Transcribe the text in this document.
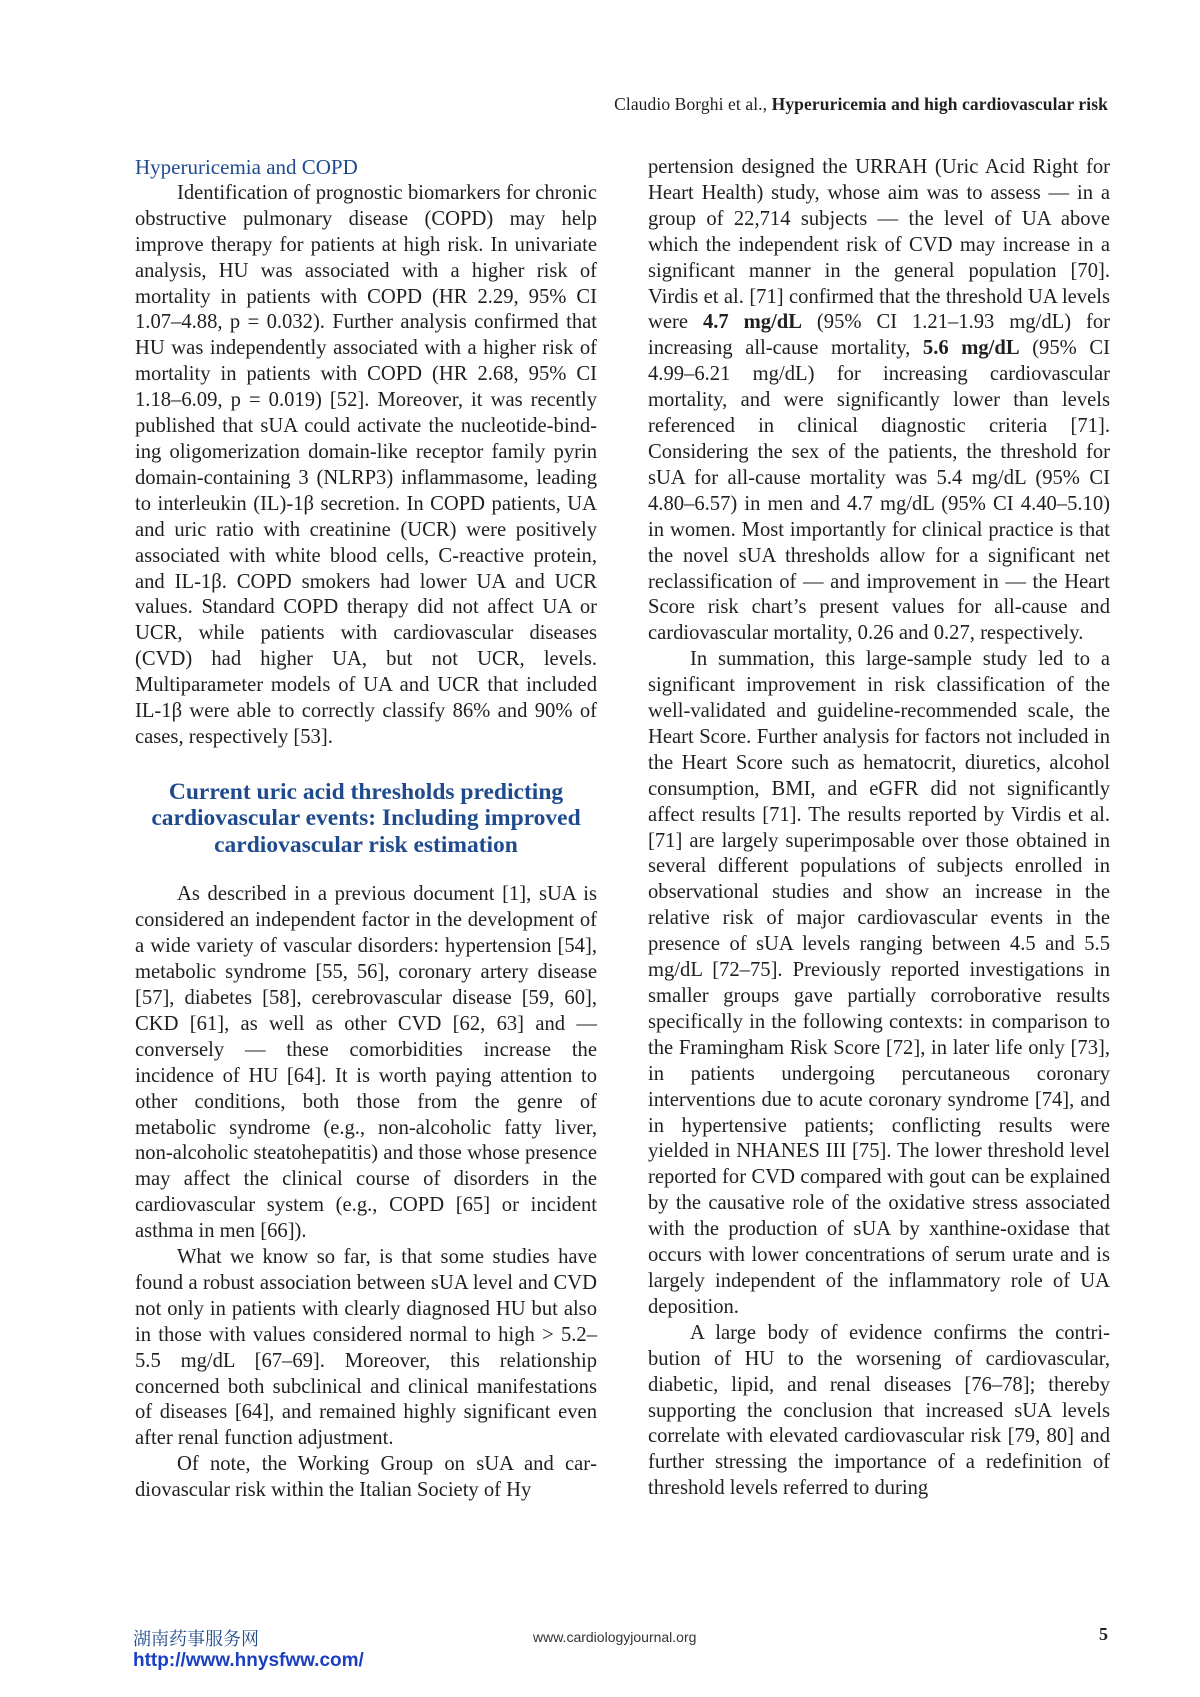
Claudio Borghi et al., Hyperuricemia and high cardiovascular risk
Hyperuricemia and COPD

Identification of prognostic biomarkers for chronic obstructive pulmonary disease (COPD) may help improve therapy for patients at high risk. In univariate analysis, HU was associated with a higher risk of mortality in patients with COPD (HR 2.29, 95% CI 1.07–4.88, p = 0.032). Further analysis confirmed that HU was independently associated with a higher risk of mortality in patients with COPD (HR 2.68, 95% CI 1.18–6.09, p = 0.019) [52]. Moreover, it was recently published that sUA could activate the nucleotide-binding oligomerization domain-like receptor family pyrin domain-containing 3 (NLRP3) inflammasome, leading to interleukin (IL)-1β secretion. In COPD patients, UA and uric ratio with creatinine (UCR) were positively associated with white blood cells, C-reactive protein, and IL-1β. COPD smokers had lower UA and UCR values. Standard COPD therapy did not affect UA or UCR, while patients with cardiovascular diseases (CVD) had higher UA, but not UCR, levels. Multiparameter models of UA and UCR that included IL-1β were able to correctly classify 86% and 90% of cases, respectively [53].

Current uric acid thresholds predicting cardiovascular events: Including improved cardiovascular risk estimation

As described in a previous document [1], sUA is considered an independent factor in the development of a wide variety of vascular disorders: hypertension [54], metabolic syndrome [55, 56], coronary artery disease [57], diabetes [58], cerebrovascular disease [59, 60], CKD [61], as well as other CVD [62, 63] and — conversely — these comorbidities increase the incidence of HU [64]. It is worth paying attention to other conditions, both those from the genre of metabolic syndrome (e.g., non-alcoholic fatty liver, non-alcoholic steatohepatitis) and those whose presence may affect the clinical course of disorders in the cardiovascular system (e.g., COPD [65] or incident asthma in men [66]).

What we know so far, is that some studies have found a robust association between sUA level and CVD not only in patients with clearly diagnosed HU but also in those with values considered normal to high > 5.2–5.5 mg/dL [67–69]. Moreover, this relationship concerned both subclinical and clinical manifestations of diseases [64], and remained highly significant even after renal function adjustment.

Of note, the Working Group on sUA and cardiovascular risk within the Italian Society of Hy

pertension designed the URRAH (Uric Acid Right for Heart Health) study, whose aim was to assess — in a group of 22,714 subjects — the level of UA above which the independent risk of CVD may increase in a significant manner in the general population [70]. Virdis et al. [71] confirmed that the threshold UA levels were 4.7 mg/dL (95% CI 1.21–1.93 mg/dL) for increasing all-cause mortality, 5.6 mg/dL (95% CI 4.99–6.21 mg/dL) for increasing cardiovascular mortality, and were significantly lower than levels referenced in clinical diagnostic criteria [71]. Considering the sex of the patients, the threshold for sUA for all-cause mortality was 5.4 mg/dL (95% CI 4.80–6.57) in men and 4.7 mg/dL (95% CI 4.40–5.10) in women. Most importantly for clinical practice is that the novel sUA thresholds allow for a significant net reclassification of — and improvement in — the Heart Score risk chart’s present values for all-cause and cardiovascular mortality, 0.26 and 0.27, respectively.

In summation, this large-sample study led to a significant improvement in risk classification of the well-validated and guideline-recommended scale, the Heart Score. Further analysis for factors not included in the Heart Score such as hematocrit, diuretics, alcohol consumption, BMI, and eGFR did not significantly affect results [71]. The results reported by Virdis et al. [71] are largely superimposable over those obtained in several different populations of subjects enrolled in observational studies and show an increase in the relative risk of major cardiovascular events in the presence of sUA levels ranging between 4.5 and 5.5 mg/dL [72–75]. Previously reported investigations in smaller groups gave partially corroborative results specifically in the following contexts: in comparison to the Framingham Risk Score [72], in later life only [73], in patients undergoing percutaneous coronary interventions due to acute coronary syndrome [74], and in hypertensive patients; conflicting results were yielded in NHANES III [75]. The lower threshold level reported for CVD compared with gout can be explained by the causative role of the oxidative stress associated with the production of sUA by xanthine-oxidase that occurs with lower concentrations of serum urate and is largely independent of the inflammatory role of UA deposition.

A large body of evidence confirms the contribution of HU to the worsening of cardiovascular, diabetic, lipid, and renal diseases [76–78]; thereby supporting the conclusion that increased sUA levels correlate with elevated cardiovascular risk [79, 80] and further stressing the importance of a redefinition of threshold levels referred to during

湖南药事服务网
http://www.hnysfww.com/
www.cardiologyjournal.org	5
